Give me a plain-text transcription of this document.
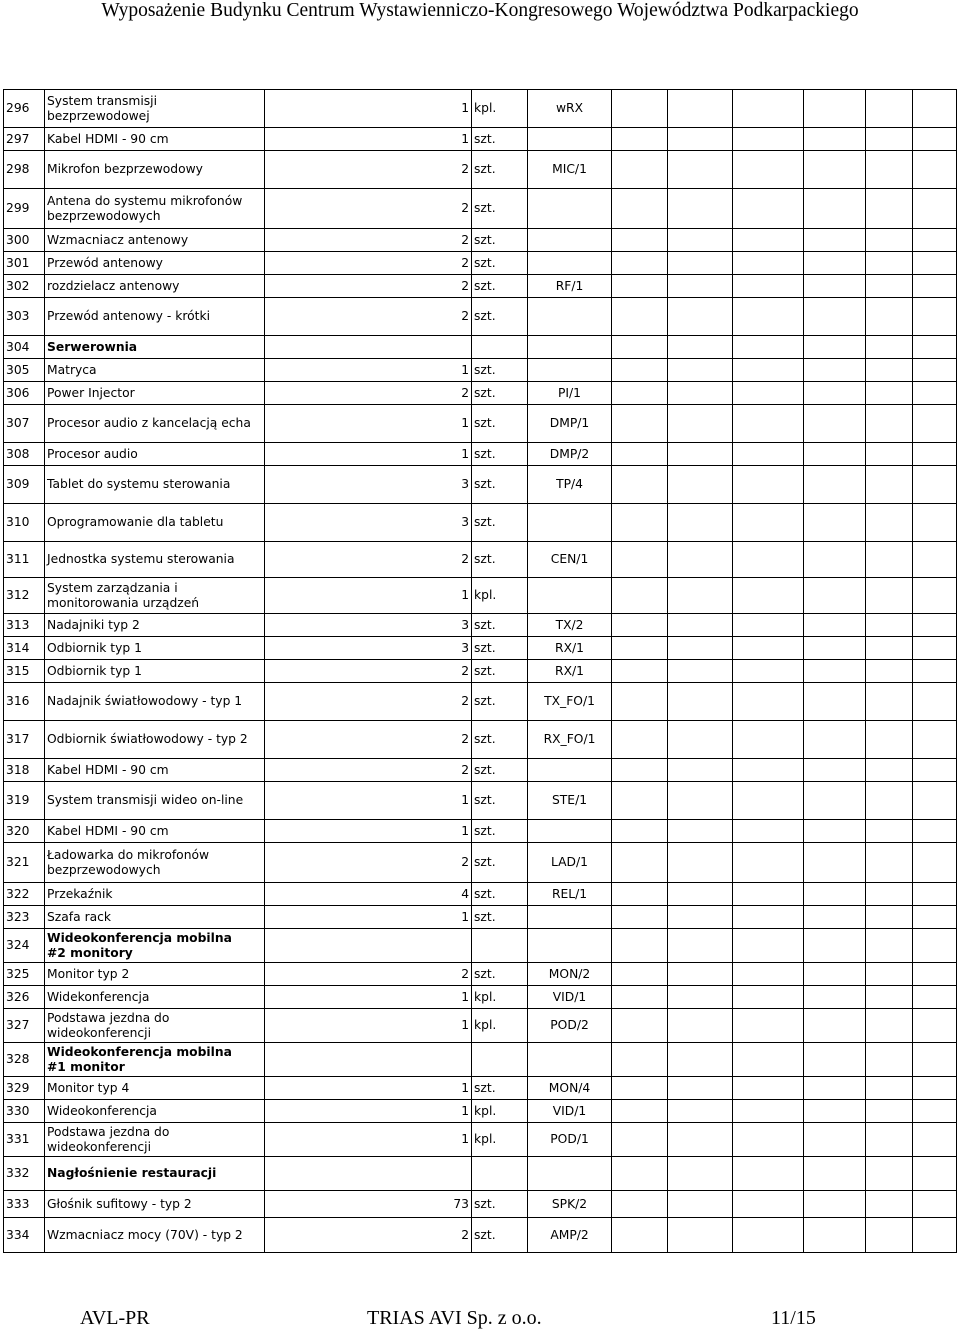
Wyposażenie Budynku Centrum Wystawienniczo-Kongresowego Województwa Podkarpackiego
296	System transmisji
bezprzewodowej	1	kpl.	wRX							
297	Kabel HDMI - 90 cm	1	szt.								
298	Mikrofon bezprzewodowy	2	szt.	MIC/1							
299	Antena do systemu mikrofonów
bezprzewodowych	2	szt.								
300	Wzmacniacz antenowy	2	szt.								
301	Przewód antenowy	2	szt.								
302	rozdzielacz antenowy	2	szt.	RF/1							
303	Przewód antenowy - krótki	2	szt.								
304	Serwerownia										
305	Matryca	1	szt.								
306	Power Injector	2	szt.	PI/1							
307	Procesor audio z kancelacją echa	1	szt.	DMP/1							
308	Procesor audio	1	szt.	DMP/2							
309	Tablet do systemu sterowania	3	szt.	TP/4							
310	Oprogramowanie dla tabletu	3	szt.								
311	Jednostka systemu sterowania	2	szt.	CEN/1							
312	System zarządzania i
monitorowania urządzeń	1	kpl.								
313	Nadajniki typ 2	3	szt.	TX/2							
314	Odbiornik typ 1	3	szt.	RX/1							
315	Odbiornik typ 1	2	szt.	RX/1							
316	Nadajnik światłowodowy - typ 1	2	szt.	TX_FO/1							
317	Odbiornik światłowodowy - typ 2	2	szt.	RX_FO/1							
318	Kabel HDMI - 90 cm	2	szt.								
319	System transmisji wideo on-line	1	szt.	STE/1							
320	Kabel HDMI - 90 cm	1	szt.								
321	Ładowarka do mikrofonów
bezprzewodowych	2	szt.	LAD/1							
322	Przekaźnik	4	szt.	REL/1							
323	Szafa rack	1	szt.								
324	Wideokonferencja mobilna
#2 monitory										
325	Monitor typ 2	2	szt.	MON/2							
326	Widekonferencja	1	kpl.	VID/1							
327	Podstawa jezdna do
wideokonferencji	1	kpl.	POD/2							
328	Wideokonferencja mobilna
#1 monitor										
329	Monitor typ 4	1	szt.	MON/4							
330	Wideokonferencja	1	kpl.	VID/1							
331	Podstawa jezdna do
wideokonferencji	1	kpl.	POD/1							
332	Nagłośnienie restauracji										
333	Głośnik sufitowy - typ 2	73	szt.	SPK/2							
334	Wzmacniacz mocy (70V) - typ 2	2	szt.	AMP/2							
AVL-PR	TRIAS AVI Sp. z o.o.	11/15
